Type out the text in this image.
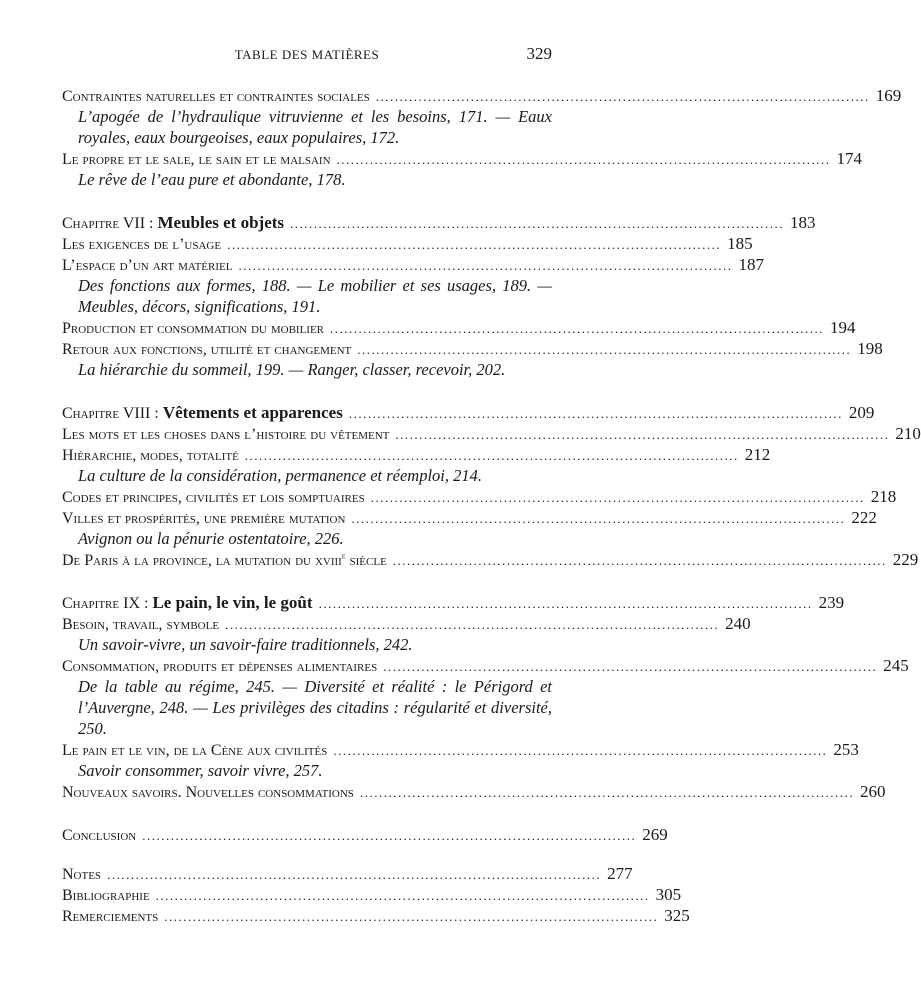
TABLE DES MATIÈRES	329
Contraintes naturelles et contraintes sociales ........................................................................................................ 169
L’apogée de l’hydraulique vitruvienne et les besoins, 171. — Eaux royales, eaux bourgeoises, eaux populaires, 172.
Le propre et le sale, le sain et le malsain ........................................................................................................ 174
Le rêve de l’eau pure et abondante, 178.
Chapitre VII : Meubles et objets ........................................................................................................ 183
Les exigences de l’usage ........................................................................................................ 185
L’espace d’un art matériel ........................................................................................................ 187
Des fonctions aux formes, 188. — Le mobilier et ses usages, 189. — Meubles, décors, significations, 191.
Production et consommation du mobilier ........................................................................................................ 194
Retour aux fonctions, utilité et changement ........................................................................................................ 198
La hiérarchie du sommeil, 199. — Ranger, classer, recevoir, 202.
Chapitre VIII : Vêtements et apparences ........................................................................................................ 209
Les mots et les choses dans l’histoire du vêtement ........................................................................................................ 210
Hiérarchie, modes, totalité ........................................................................................................ 212
La culture de la considération, permanence et réemploi, 214.
Codes et principes, civilités et lois somptuaires ........................................................................................................ 218
Villes et prospérités, une première mutation ........................................................................................................ 222
Avignon ou la pénurie ostentatoire, 226.
De Paris à la province, la mutation du xviii$^e$ siècle ........................................................................................................ 229
Chapitre IX : Le pain, le vin, le goût ........................................................................................................ 239
Besoin, travail, symbole ........................................................................................................ 240
Un savoir-vivre, un savoir-faire traditionnels, 242.
Consommation, produits et dépenses alimentaires ........................................................................................................ 245
De la table au régime, 245. — Diversité et réalité : le Périgord et l’Auvergne, 248. — Les privilèges des citadins : régularité et diversité, 250.
Le pain et le vin, de la Cène aux civilités ........................................................................................................ 253
Savoir consommer, savoir vivre, 257.
Nouveaux savoirs. Nouvelles consommations ........................................................................................................ 260
Conclusion ........................................................................................................ 269
Notes ........................................................................................................ 277
Bibliographie ........................................................................................................ 305
Remerciements ........................................................................................................ 325
